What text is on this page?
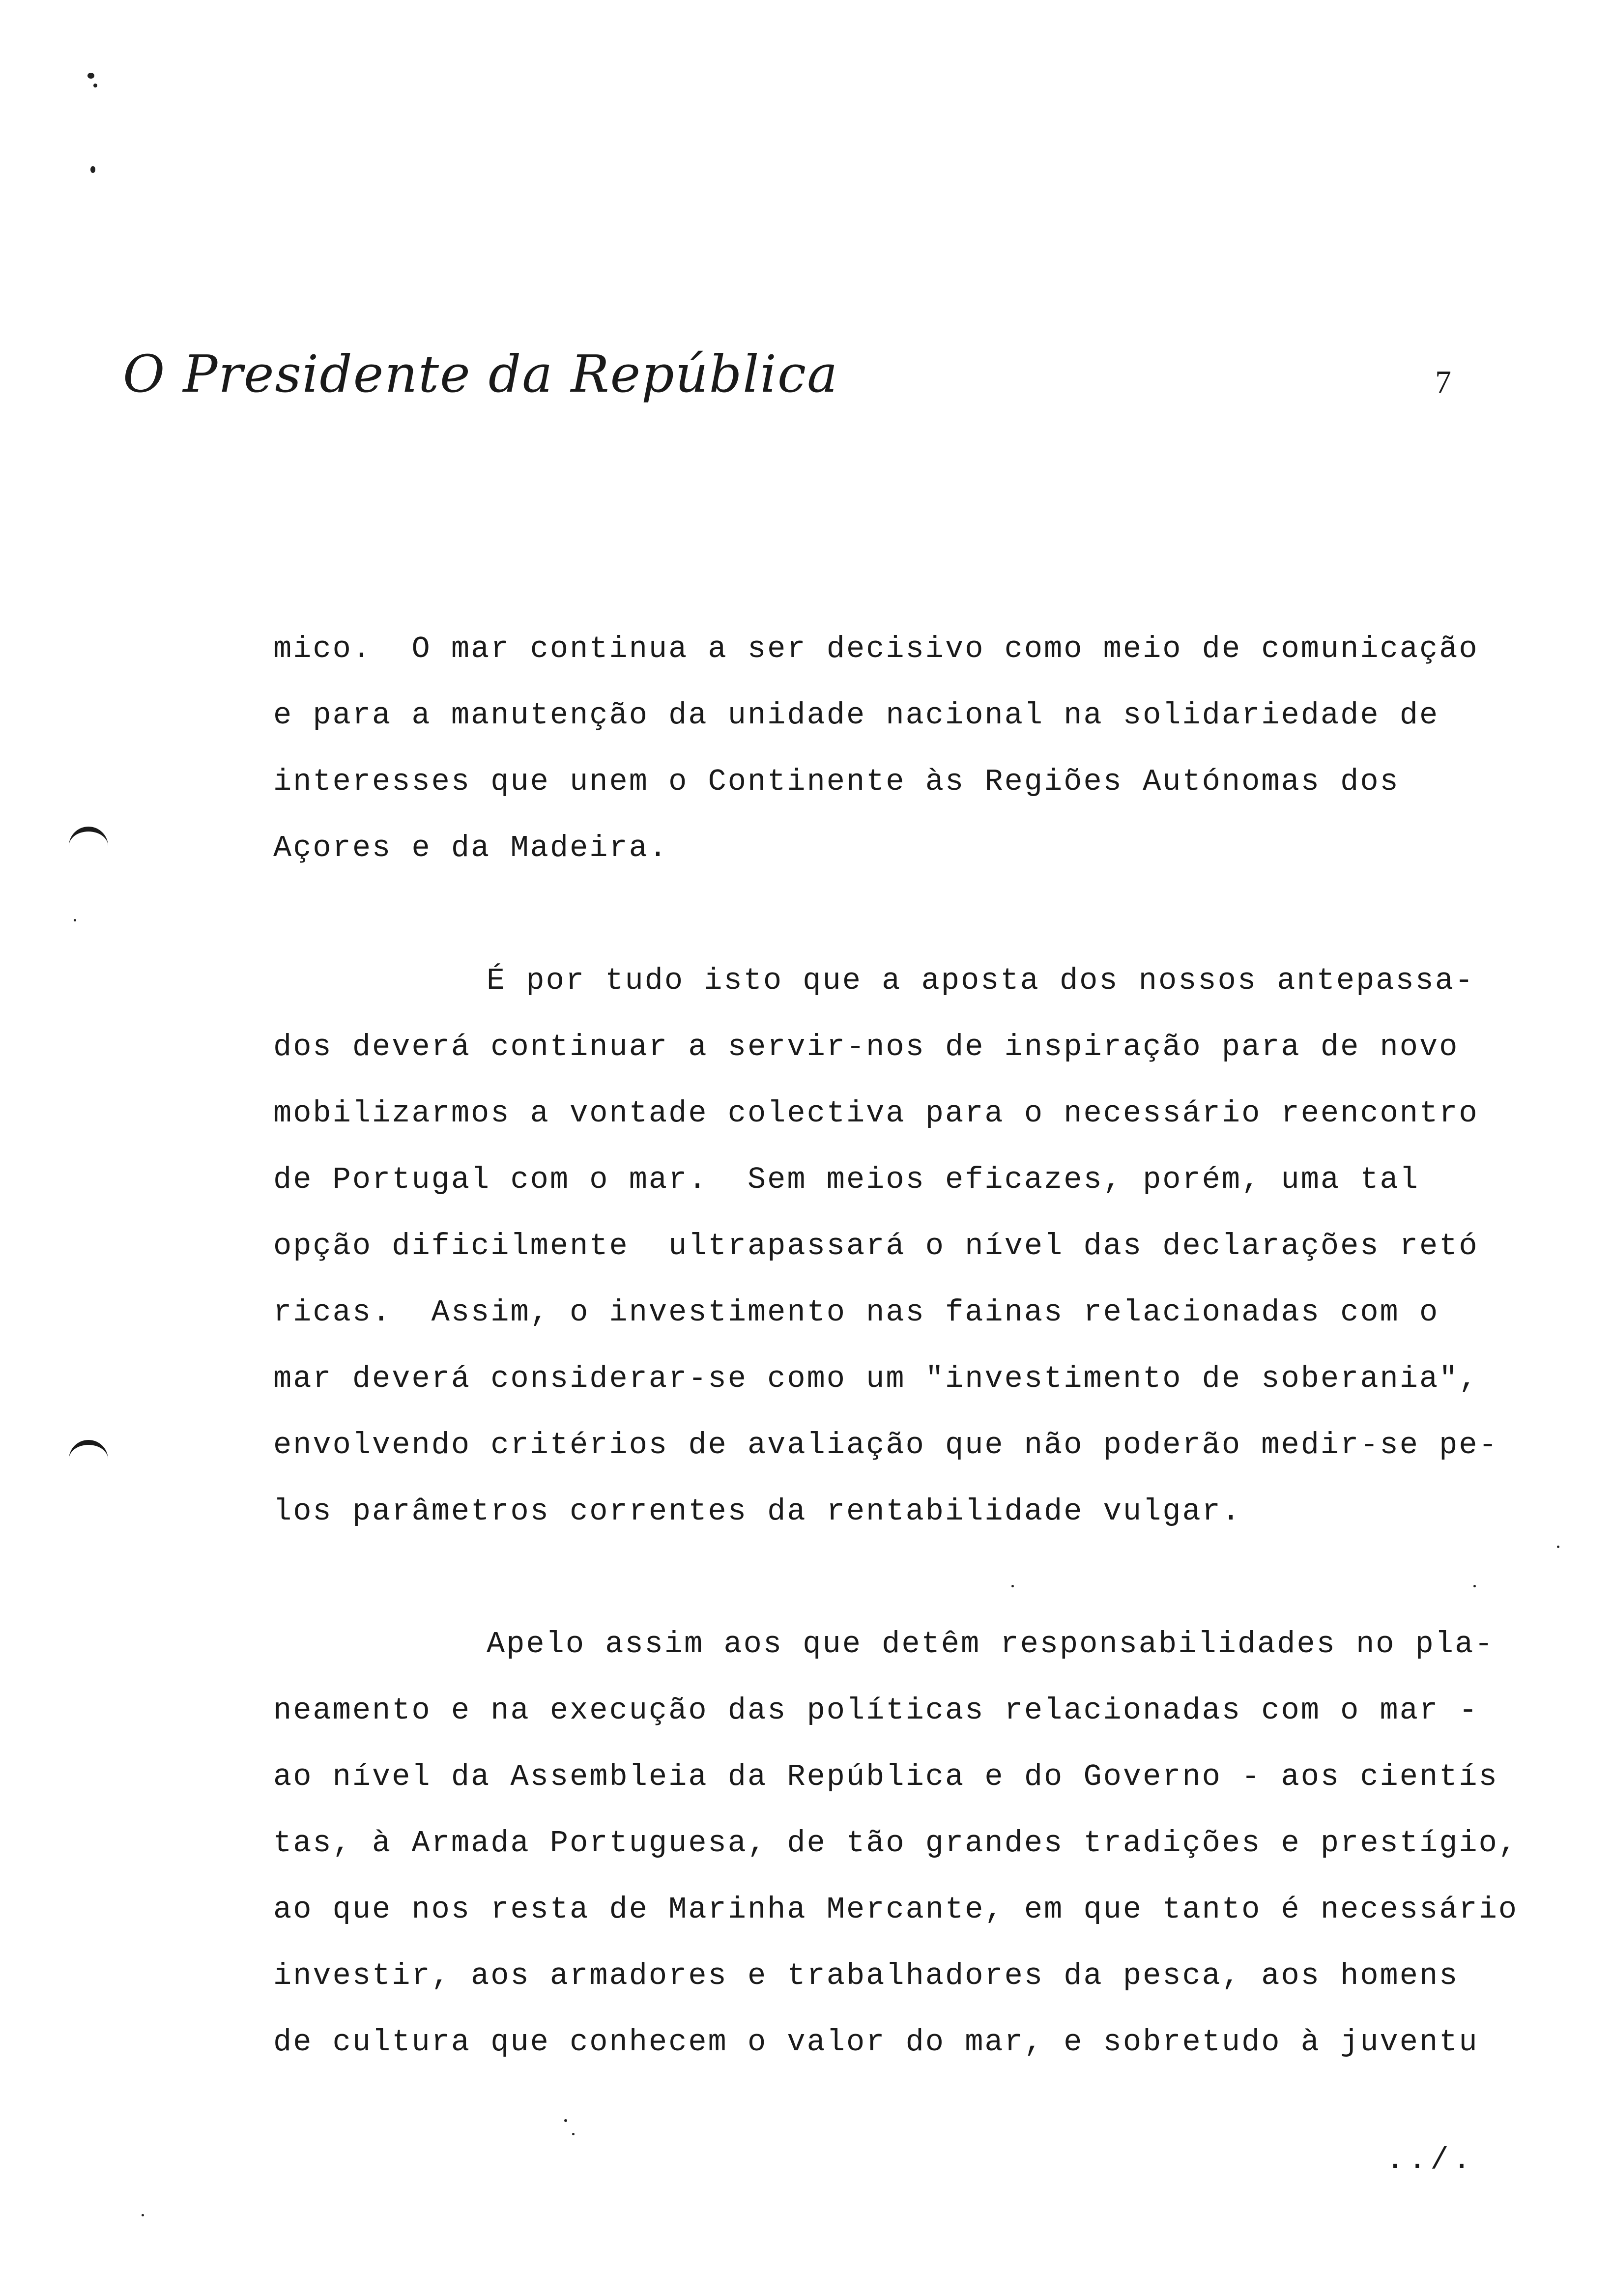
O Presidente da República	7
mico.  O mar continua a ser decisivo como meio de comunicação
e para a manutenção da unidade nacional na solidariedade de
interesses que unem o Continente às Regiões Autónomas dos
Açores e da Madeira.
É por tudo isto que a aposta dos nossos antepassa-
dos deverá continuar a servir-nos de inspiração para de novo
mobilizarmos a vontade colectiva para o necessário reencontro
de Portugal com o mar.  Sem meios eficazes, porém, uma tal
opção dificilmente  ultrapassará o nível das declarações retó
ricas.  Assim, o investimento nas fainas relacionadas com o
mar deverá considerar-se como um "investimento de soberania",
envolvendo critérios de avaliação que não poderão medir-se pe-
los parâmetros correntes da rentabilidade vulgar.
Apelo assim aos que detêm responsabilidades no pla-
neamento e na execução das políticas relacionadas com o mar -
ao nível da Assembleia da República e do Governo - aos cientís
tas, à Armada Portuguesa, de tão grandes tradições e prestígio,
ao que nos resta de Marinha Mercante, em que tanto é necessário
investir, aos armadores e trabalhadores da pesca, aos homens
de cultura que conhecem o valor do mar, e sobretudo à juventu
../.
